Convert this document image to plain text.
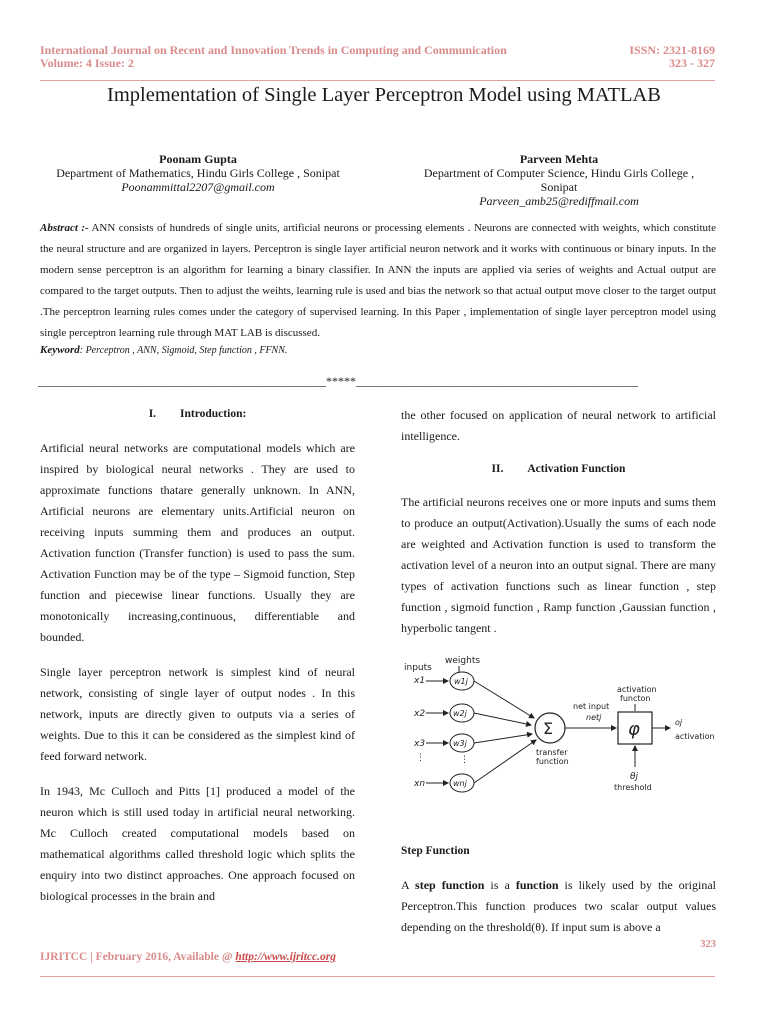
International Journal on Recent and Innovation Trends in Computing and Communication
Volume: 4 Issue: 2
ISSN: 2321-8169
323 - 327
Implementation of Single Layer Perceptron Model using MATLAB
Poonam Gupta
Department of Mathematics, Hindu Girls College , Sonipat
Poonammittal2207@gmail.com
Parveen Mehta
Department of Computer Science, Hindu Girls College ,
Sonipat
Parveen_amb25@rediffmail.com
Abstract :- ANN consists of hundreds of single units, artificial neurons or processing elements . Neurons are connected with weights, which constitute the neural structure and are organized in layers. Perceptron is single layer artificial neuron network and it works with continuous or binary inputs. In the modern sense perceptron is an algorithm for learning a binary classifier. In ANN the inputs are applied via series of weights and Actual output are compared to the target outputs. Then to adjust the weihts, learning rule is used and bias the network so that actual output move closer to the target output .The perceptron learning rules comes under the category of supervised learning. In this Paper , implementation of single layer perceptron model using single perceptron learning rule through MAT LAB is discussed.
Keyword: Perceptron , ANN, Sigmoid, Step function , FFNN.
________________________________________________*****_______________________________________________
I. Introduction:

Artificial neural networks are computational models which are inspired by biological neural networks . They are used to approximate functions thatare generally unknown. In ANN, Artificial neurons are elementary units.Artificial neuron on receiving inputs summing them and produces an output. Activation function (Transfer function) is used to pass the sum. Activation Function may be of the type – Sigmoid function, Step function and piecewise linear functions. Usually they are monotonically increasing,continuous, differentiable and bounded.

Single layer perceptron network is simplest kind of neural network, consisting of single layer of output nodes . In this network, inputs are directly given to outputs via a series of weights. Due to this it can be considered as the simplest kind of feed forward network.

In 1943, Mc Culloch and Pitts [1] produced a model of the neuron which is still used today in artificial neural networking. Mc Culloch created computational models based on mathematical algorithms called threshold logic which splits the enquiry into two distinct approaches. One approach focused on biological processes in the brain and

the other focused on application of neural network to artificial intelligence.
II. Activation Function
The artificial neurons receives one or more inputs and sums them to produce an output(Activation).Usually the sums of each node are weighted and Activation function is used to transform the activation level of a neuron into an output signal. There are many types of activation functions such as linear function , step function , sigmoid function , Ramp function ,Gaussian function , hyperbolic tangent .
inputs
weights
x1
x2
x3
⋮
xn
⋮
w1j
w2j
w3j
wnj
Σ
transfer
function
net input
netj
φ
activation
functon
oj
activation
θj
threshold
Step Function
A step function is a function is likely used by the original Perceptron.This function produces two scalar output values depending on the threshold(θ). If input sum is above a
323
IJRITCC | February 2016, Available @ http://www.ijritcc.org
